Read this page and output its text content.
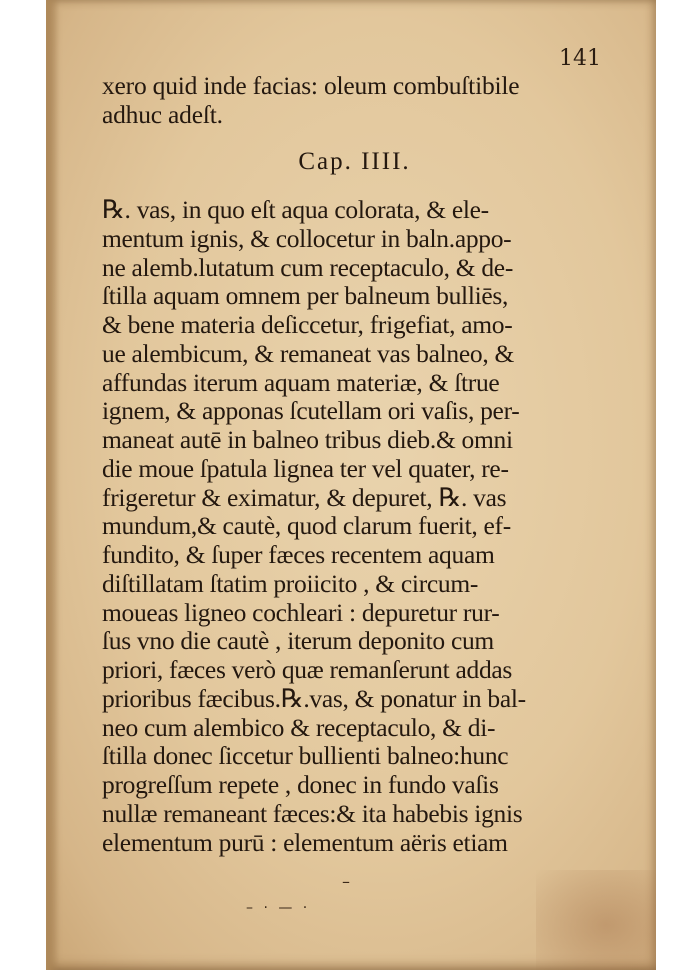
141
xero quid inde facias: oleum combuſtibile
adhuc adeſt.
Cap. IIII.
℞. vas, in quo eſt aqua colorata, & ele-
mentum ignis, & collocetur in baln.appo-
ne alemb.lutatum cum receptaculo, & de-
ſtilla aquam omnem per balneum bulliēs,
& bene materia deſiccetur, frigefiat, amo-
ue alembicum, & remaneat vas balneo, &
affundas iterum aquam materiæ, & ſtrue
ignem, & apponas ſcutellam ori vaſis, per-
maneat autē in balneo tribus dieb.& omni
die moue ſpatula lignea ter vel quater, re-
frigeretur & eximatur, & depuret, ℞. vas
mundum,& cautè, quod clarum fuerit, ef-
fundito, & ſuper fæces recentem aquam
diſtillatam ſtatim proiicito , & circum-
moueas ligneo cochleari : depuretur rur-
ſus vno die cautè , iterum deponito cum
priori, fæces verò quæ remanſerunt addas
prioribus fæcibus.℞.vas, & ponatur in bal-
neo cum alembico & receptaculo, & di-
ſtilla donec ſiccetur bullienti balneo:hunc
progreſſum repete , donec in fundo vaſis
nullæ remaneant fæces:& ita habebis ignis
elementum purū : elementum aëris etiam
–
– · — ·
